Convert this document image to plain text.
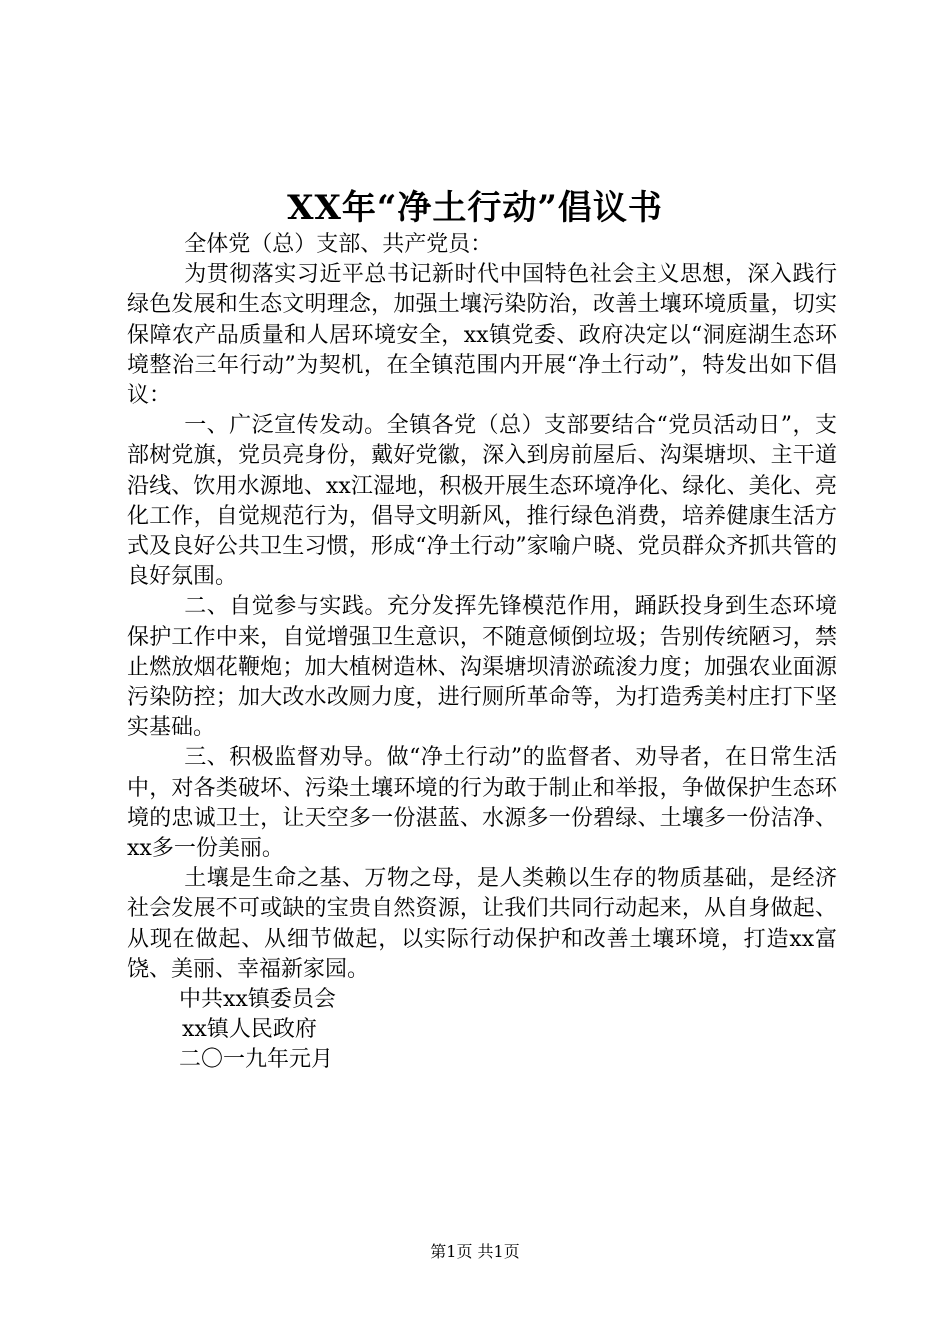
XX年“净土行动”倡议书

全体党（总）支部、共产党员：

为贯彻落实习近平总书记新时代中国特色社会主义思想，深入践行绿色发展和生态文明理念，加强土壤污染防治，改善土壤环境质量，切实保障农产品质量和人居环境安全，xx镇党委、政府决定以“洞庭湖生态环境整治三年行动”为契机，在全镇范围内开展“净土行动”，特发出如下倡议：

一、广泛宣传发动。全镇各党（总）支部要结合“党员活动日”，支部树党旗，党员亮身份，戴好党徽，深入到房前屋后、沟渠塘坝、主干道沿线、饮用水源地、xx江湿地，积极开展生态环境净化、绿化、美化、亮化工作，自觉规范行为，倡导文明新风，推行绿色消费，培养健康生活方式及良好公共卫生习惯，形成“净土行动”家喻户晓、党员群众齐抓共管的良好氛围。

二、自觉参与实践。充分发挥先锋模范作用，踊跃投身到生态环境保护工作中来，自觉增强卫生意识，不随意倾倒垃圾；告别传统陋习，禁止燃放烟花鞭炮；加大植树造林、沟渠塘坝清淤疏浚力度；加强农业面源污染防控；加大改水改厕力度，进行厕所革命等，为打造秀美村庄打下坚实基础。

三、积极监督劝导。做“净土行动”的监督者、劝导者，在日常生活中，对各类破坏、污染土壤环境的行为敢于制止和举报，争做保护生态环境的忠诚卫士，让天空多一份湛蓝、水源多一份碧绿、土壤多一份洁净、xx多一份美丽。

土壤是生命之基、万物之母，是人类赖以生存的物质基础，是经济社会发展不可或缺的宝贵自然资源，让我们共同行动起来，从自身做起、从现在做起、从细节做起，以实际行动保护和改善土壤环境，打造xx富饶、美丽、幸福新家园。

中共xx镇委员会

xx镇人民政府

二〇一九年元月

第1页 共1页
